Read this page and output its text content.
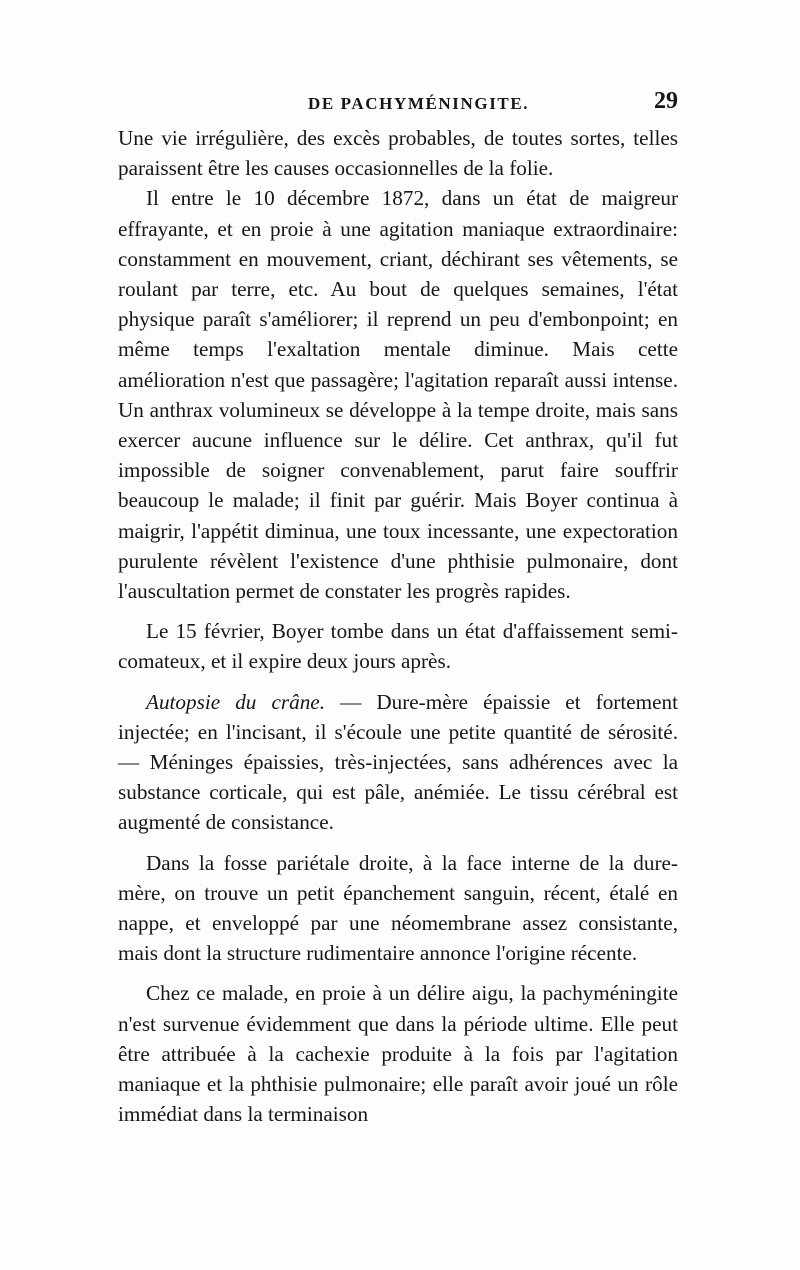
DE PACHYMÉNINGITE.	29

Une vie irrégulière, des excès probables, de toutes sortes, telles paraissent être les causes occasionnelles de la folie.

Il entre le 10 décembre 1872, dans un état de maigreur effrayante, et en proie à une agitation maniaque extraordinaire: constamment en mouvement, criant, déchirant ses vêtements, se roulant par terre, etc. Au bout de quelques semaines, l'état physique paraît s'améliorer; il reprend un peu d'embonpoint; en même temps l'exaltation mentale diminue. Mais cette amélioration n'est que passagère; l'agitation reparaît aussi intense. Un anthrax volumineux se développe à la tempe droite, mais sans exercer aucune influence sur le délire. Cet anthrax, qu'il fut impossible de soigner convenablement, parut faire souffrir beaucoup le malade; il finit par guérir. Mais Boyer continua à maigrir, l'appétit diminua, une toux incessante, une expectoration purulente révèlent l'existence d'une phthisie pulmonaire, dont l'auscultation permet de constater les progrès rapides.

Le 15 février, Boyer tombe dans un état d'affaissement semi-comateux, et il expire deux jours après.

Autopsie du crâne. — Dure-mère épaissie et fortement injectée; en l'incisant, il s'écoule une petite quantité de sérosité. — Méninges épaissies, très-injectées, sans adhérences avec la substance corticale, qui est pâle, anémiée. Le tissu cérébral est augmenté de consistance.

Dans la fosse pariétale droite, à la face interne de la dure-mère, on trouve un petit épanchement sanguin, récent, étalé en nappe, et enveloppé par une néomembrane assez consistante, mais dont la structure rudimentaire annonce l'origine récente.

Chez ce malade, en proie à un délire aigu, la pachyméningite n'est survenue évidemment que dans la période ultime. Elle peut être attribuée à la cachexie produite à la fois par l'agitation maniaque et la phthisie pulmonaire; elle paraît avoir joué un rôle immédiat dans la terminaison
